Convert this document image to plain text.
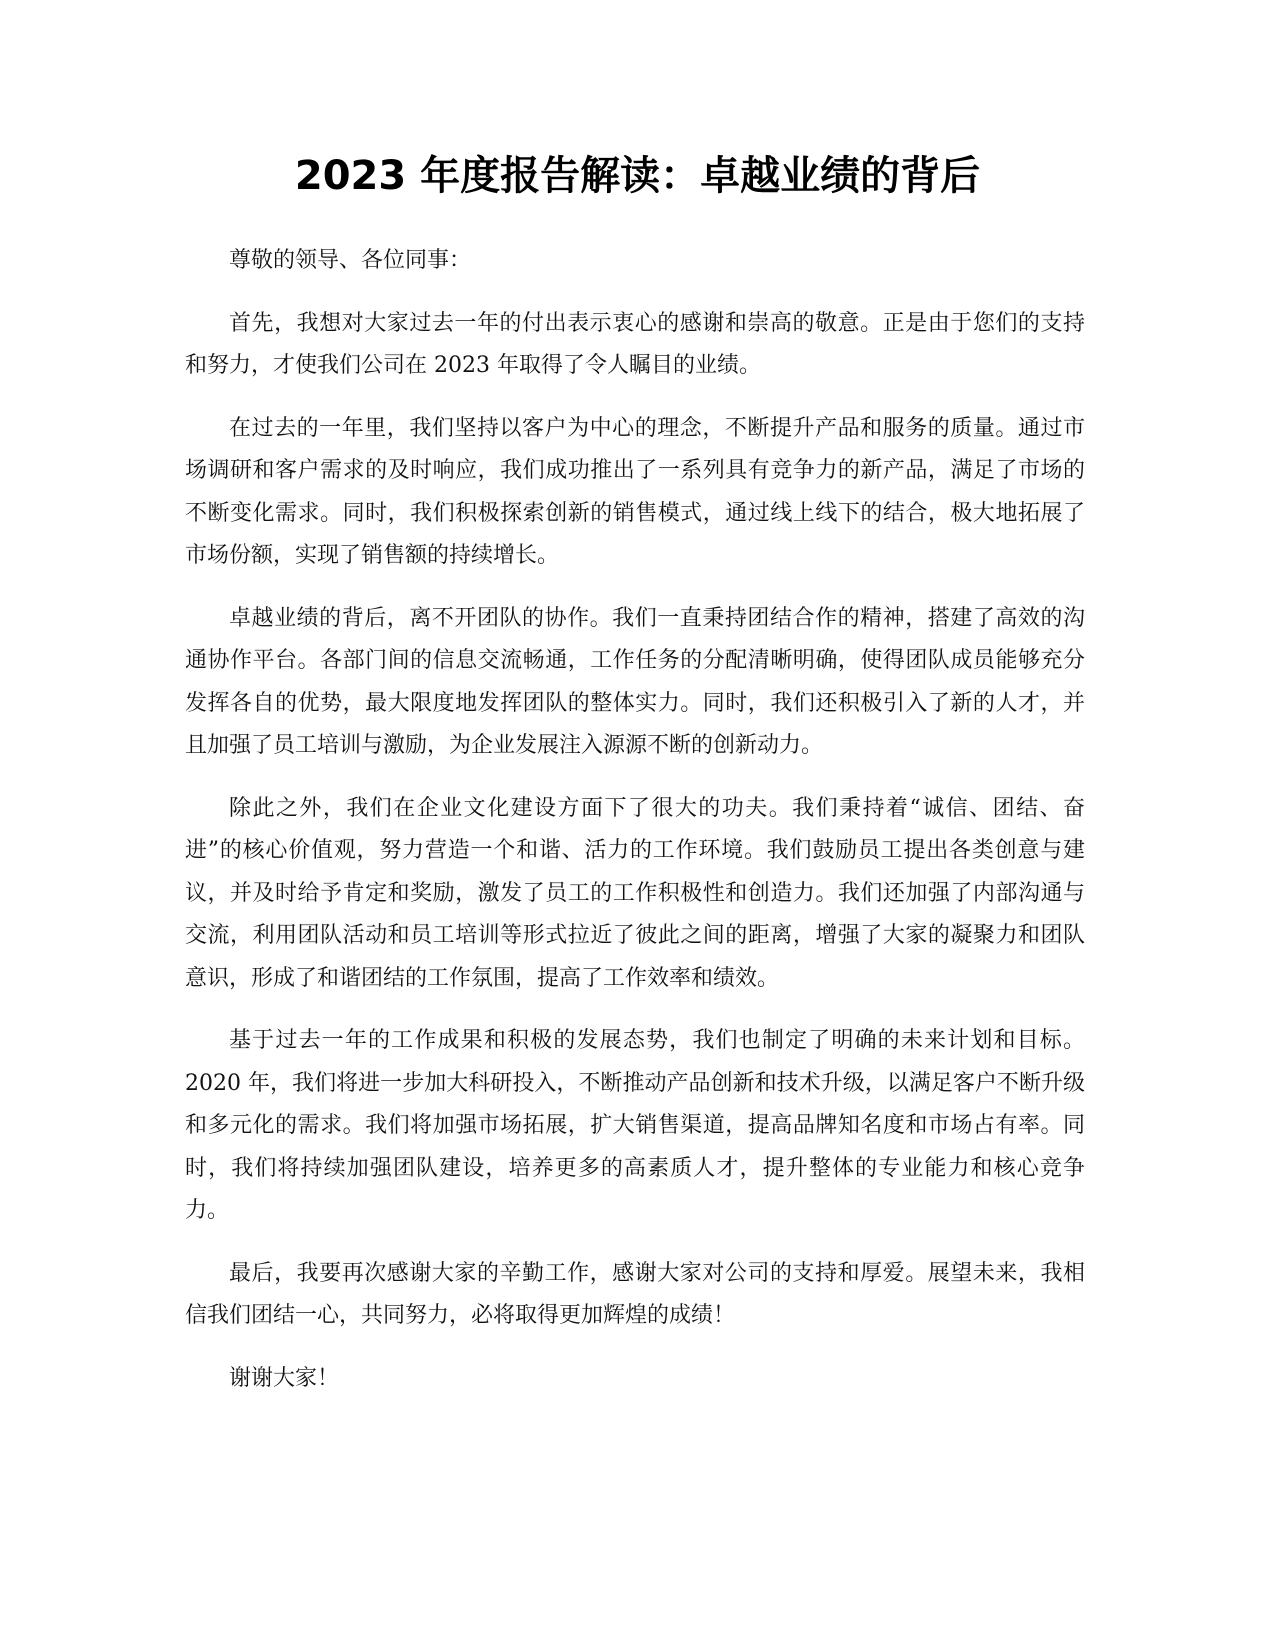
2023 年度报告解读：卓越业绩的背后

尊敬的领导、各位同事：

首先，我想对大家过去一年的付出表示衷心的感谢和崇高的敬意。正是由于您们的支持和努力，才使我们公司在 2023 年取得了令人瞩目的业绩。

在过去的一年里，我们坚持以客户为中心的理念，不断提升产品和服务的质量。通过市场调研和客户需求的及时响应，我们成功推出了一系列具有竞争力的新产品，满足了市场的不断变化需求。同时，我们积极探索创新的销售模式，通过线上线下的结合，极大地拓展了市场份额，实现了销售额的持续增长。

卓越业绩的背后，离不开团队的协作。我们一直秉持团结合作的精神，搭建了高效的沟通协作平台。各部门间的信息交流畅通，工作任务的分配清晰明确，使得团队成员能够充分发挥各自的优势，最大限度地发挥团队的整体实力。同时，我们还积极引入了新的人才，并且加强了员工培训与激励，为企业发展注入源源不断的创新动力。

除此之外，我们在企业文化建设方面下了很大的功夫。我们秉持着“诚信、团结、奋进”的核心价值观，努力营造一个和谐、活力的工作环境。我们鼓励员工提出各类创意与建议，并及时给予肯定和奖励，激发了员工的工作积极性和创造力。我们还加强了内部沟通与交流，利用团队活动和员工培训等形式拉近了彼此之间的距离，增强了大家的凝聚力和团队意识，形成了和谐团结的工作氛围，提高了工作效率和绩效。

基于过去一年的工作成果和积极的发展态势，我们也制定了明确的未来计划和目标。2020 年，我们将进一步加大科研投入，不断推动产品创新和技术升级，以满足客户不断升级和多元化的需求。我们将加强市场拓展，扩大销售渠道，提高品牌知名度和市场占有率。同时，我们将持续加强团队建设，培养更多的高素质人才，提升整体的专业能力和核心竞争力。

最后，我要再次感谢大家的辛勤工作，感谢大家对公司的支持和厚爱。展望未来，我相信我们团结一心，共同努力，必将取得更加辉煌的成绩！

谢谢大家！
